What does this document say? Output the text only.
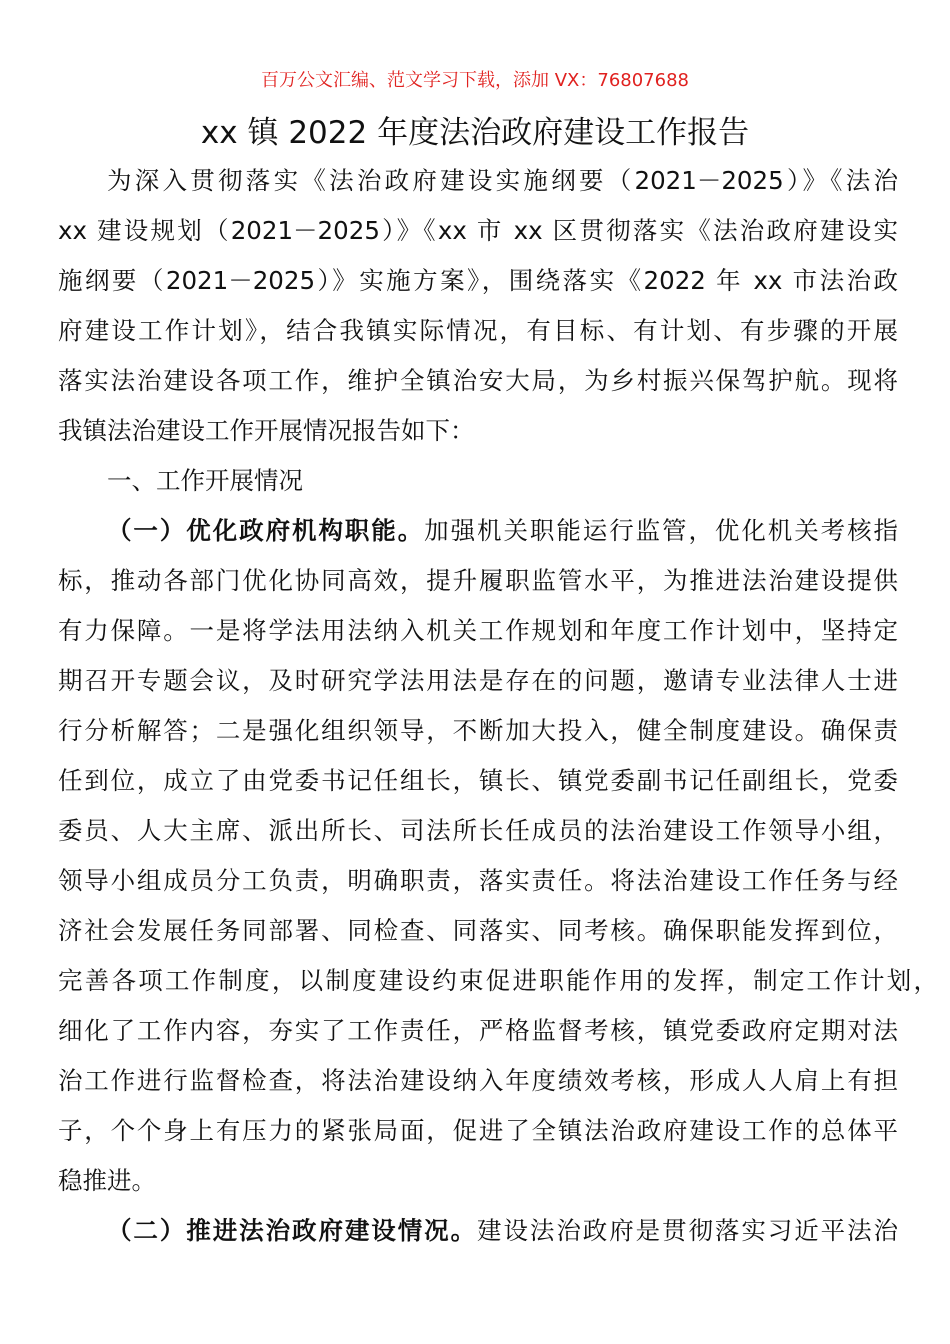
百万公文汇编、范文学习下载，添加 VX：76807688
xx 镇 2022 年度法治政府建设工作报告
为深入贯彻落实《法治政府建设实施纲要（2021－2025）》《法治
xx 建设规划（2021－2025）》《xx 市 xx 区贯彻落实《法治政府建设实
施纲要（2021－2025）》实施方案》，围绕落实《2022 年 xx 市法治政
府建设工作计划》，结合我镇实际情况，有目标、有计划、有步骤的开展
落实法治建设各项工作，维护全镇治安大局，为乡村振兴保驾护航。现将
我镇法治建设工作开展情况报告如下：
一、工作开展情况
（一）优化政府机构职能。加强机关职能运行监管，优化机关考核指
标，推动各部门优化协同高效，提升履职监管水平，为推进法治建设提供
有力保障。一是将学法用法纳入机关工作规划和年度工作计划中，坚持定
期召开专题会议，及时研究学法用法是存在的问题，邀请专业法律人士进
行分析解答；二是强化组织领导，不断加大投入，健全制度建设。确保责
任到位，成立了由党委书记任组长，镇长、镇党委副书记任副组长，党委
委员、人大主席、派出所长、司法所长任成员的法治建设工作领导小组，
领导小组成员分工负责，明确职责，落实责任。将法治建设工作任务与经
济社会发展任务同部署、同检查、同落实、同考核。确保职能发挥到位，
完善各项工作制度，以制度建设约束促进职能作用的发挥，制定工作计划，
细化了工作内容，夯实了工作责任，严格监督考核，镇党委政府定期对法
治工作进行监督检查，将法治建设纳入年度绩效考核，形成人人肩上有担
子，个个身上有压力的紧张局面，促进了全镇法治政府建设工作的总体平
稳推进。
（二）推进法治政府建设情况。建设法治政府是贯彻落实习近平法治
